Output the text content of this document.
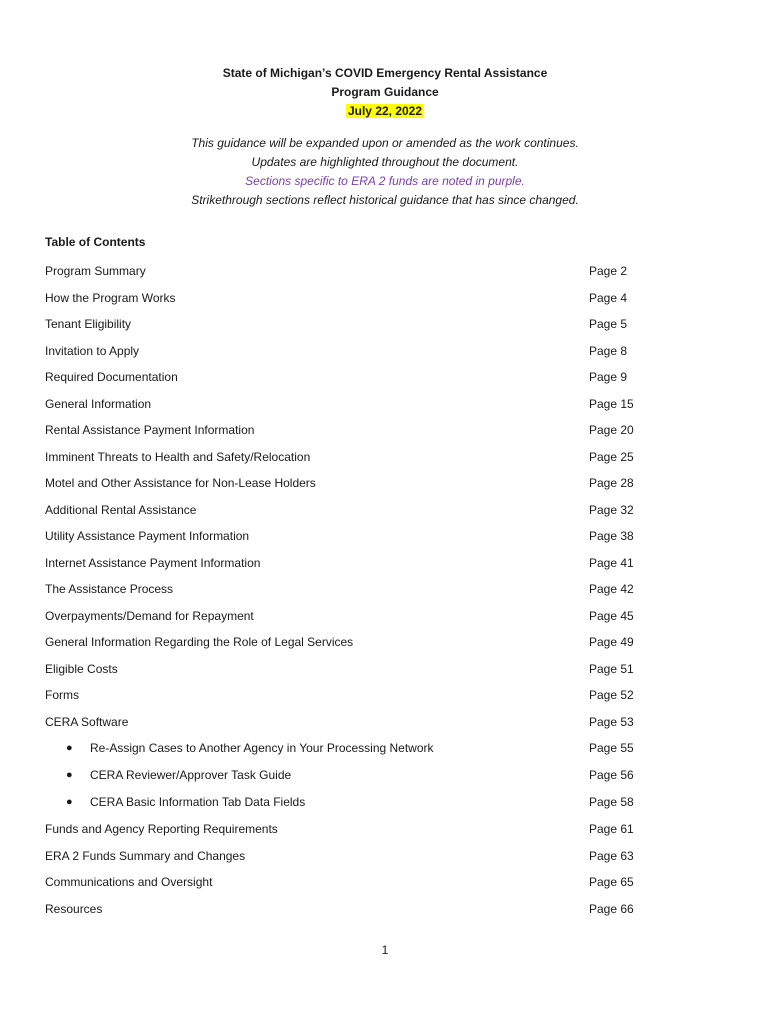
State of Michigan’s COVID Emergency Rental Assistance
Program Guidance
July 22, 2022
This guidance will be expanded upon or amended as the work continues.
Updates are highlighted throughout the document.
Sections specific to ERA 2 funds are noted in purple.
Strikethrough sections reflect historical guidance that has since changed.
Table of Contents
Program Summary	Page 2
How the Program Works	Page 4
Tenant Eligibility	Page 5
Invitation to Apply	Page 8
Required Documentation	Page 9
General Information	Page 15
Rental Assistance Payment Information	Page 20
Imminent Threats to Health and Safety/Relocation	Page 25
Motel and Other Assistance for Non-Lease Holders	Page 28
Additional Rental Assistance	Page 32
Utility Assistance Payment Information	Page 38
Internet Assistance Payment Information	Page 41
The Assistance Process	Page 42
Overpayments/Demand for Repayment	Page 45
General Information Regarding the Role of Legal Services	Page 49
Eligible Costs	Page 51
Forms	Page 52
CERA Software	Page 53
● Re-Assign Cases to Another Agency in Your Processing Network	Page 55
● CERA Reviewer/Approver Task Guide	Page 56
● CERA Basic Information Tab Data Fields	Page 58
Funds and Agency Reporting Requirements	Page 61
ERA 2 Funds Summary and Changes	Page 63
Communications and Oversight	Page 65
Resources	Page 66
1
